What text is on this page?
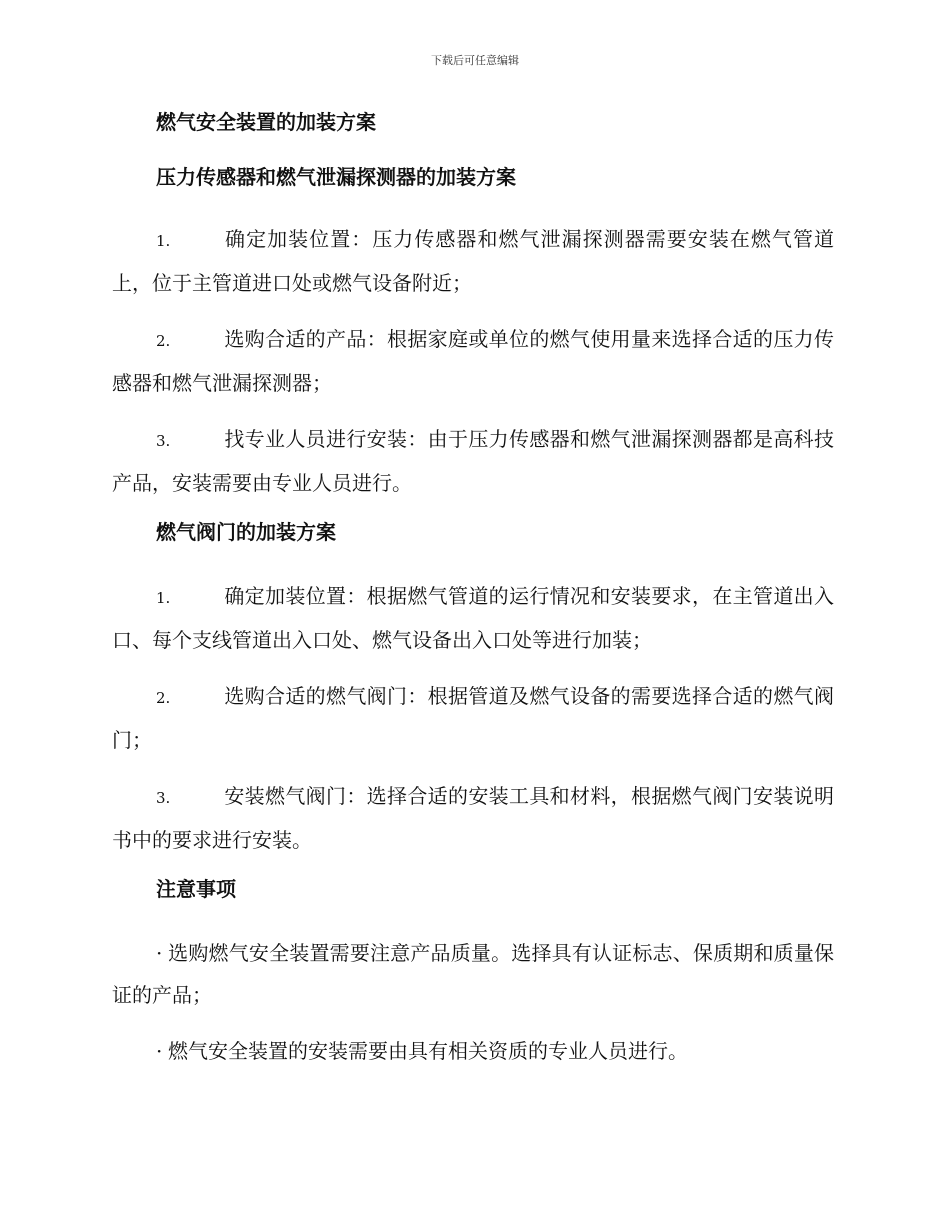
下载后可任意编辑
燃气安全装置的加装方案
压力传感器和燃气泄漏探测器的加装方案

1.	确定加装位置：压力传感器和燃气泄漏探测器需要安装在燃气管道上，位于主管道进口处或燃气设备附近；

2.	选购合适的产品：根据家庭或单位的燃气使用量来选择合适的压力传感器和燃气泄漏探测器；

3.	找专业人员进行安装：由于压力传感器和燃气泄漏探测器都是高科技产品，安装需要由专业人员进行。

燃气阀门的加装方案

1.	确定加装位置：根据燃气管道的运行情况和安装要求，在主管道出入口、每个支线管道出入口处、燃气设备出入口处等进行加装；

2.	选购合适的燃气阀门：根据管道及燃气设备的需要选择合适的燃气阀门；

3.	安装燃气阀门：选择合适的安装工具和材料，根据燃气阀门安装说明书中的要求进行安装。

注意事项

· 选购燃气安全装置需要注意产品质量。选择具有认证标志、保质期和质量保证的产品；

· 燃气安全装置的安装需要由具有相关资质的专业人员进行。
